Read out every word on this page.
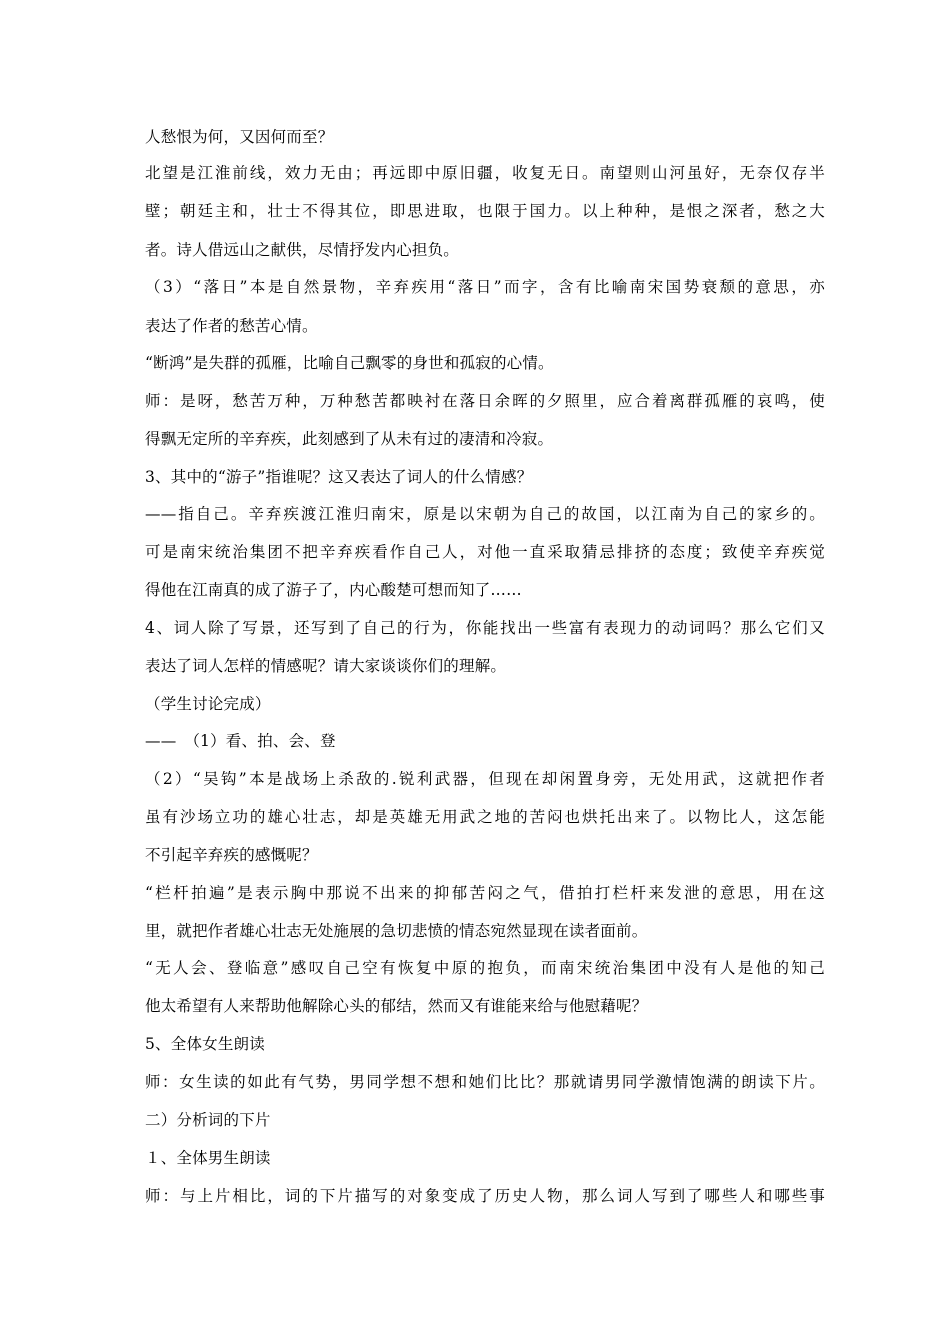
人愁恨为何，又因何而至？
北望是江淮前线，效力无由；再远即中原旧疆，收复无日。南望则山河虽好，无奈仅存半
壁；朝廷主和，壮士不得其位，即思进取，也限于国力。以上种种，是恨之深者，愁之大
者。诗人借远山之献供，尽情抒发内心担负。
（3）“落日”本是自然景物，辛弃疾用“落日”而字，含有比喻南宋国势衰颓的意思，亦
表达了作者的愁苦心情。
“断鸿”是失群的孤雁，比喻自己飘零的身世和孤寂的心情。
师：是呀，愁苦万种，万种愁苦都映衬在落日余晖的夕照里，应合着离群孤雁的哀鸣，使
得飘无定所的辛弃疾，此刻感到了从未有过的凄清和冷寂。
3、其中的“游子”指谁呢？这又表达了词人的什么情感？
——指自己。辛弃疾渡江淮归南宋，原是以宋朝为自己的故国，以江南为自己的家乡的。
可是南宋统治集团不把辛弃疾看作自己人，对他一直采取猜忌排挤的态度；致使辛弃疾觉
得他在江南真的成了游子了，内心酸楚可想而知了……
4、词人除了写景，还写到了自己的行为，你能找出一些富有表现力的动词吗？那么它们又
表达了词人怎样的情感呢？请大家谈谈你们的理解。
（学生讨论完成）
——　（1）看、拍、会、登
（2）“吴钩”本是战场上杀敌的.锐利武器，但现在却闲置身旁，无处用武，这就把作者
虽有沙场立功的雄心壮志，却是英雄无用武之地的苦闷也烘托出来了。以物比人，这怎能
不引起辛弃疾的感慨呢？
“栏杆拍遍”是表示胸中那说不出来的抑郁苦闷之气，借拍打栏杆来发泄的意思，用在这
里，就把作者雄心壮志无处施展的急切悲愤的情态宛然显现在读者面前。
“无人会、登临意”感叹自己空有恢复中原的抱负，而南宋统治集团中没有人是他的知己
他太希望有人来帮助他解除心头的郁结，然而又有谁能来给与他慰藉呢？
5、全体女生朗读
师：女生读的如此有气势，男同学想不想和她们比比？那就请男同学激情饱满的朗读下片。
二）分析词的下片
１、全体男生朗读
师：与上片相比，词的下片描写的对象变成了历史人物，那么词人写到了哪些人和哪些事
